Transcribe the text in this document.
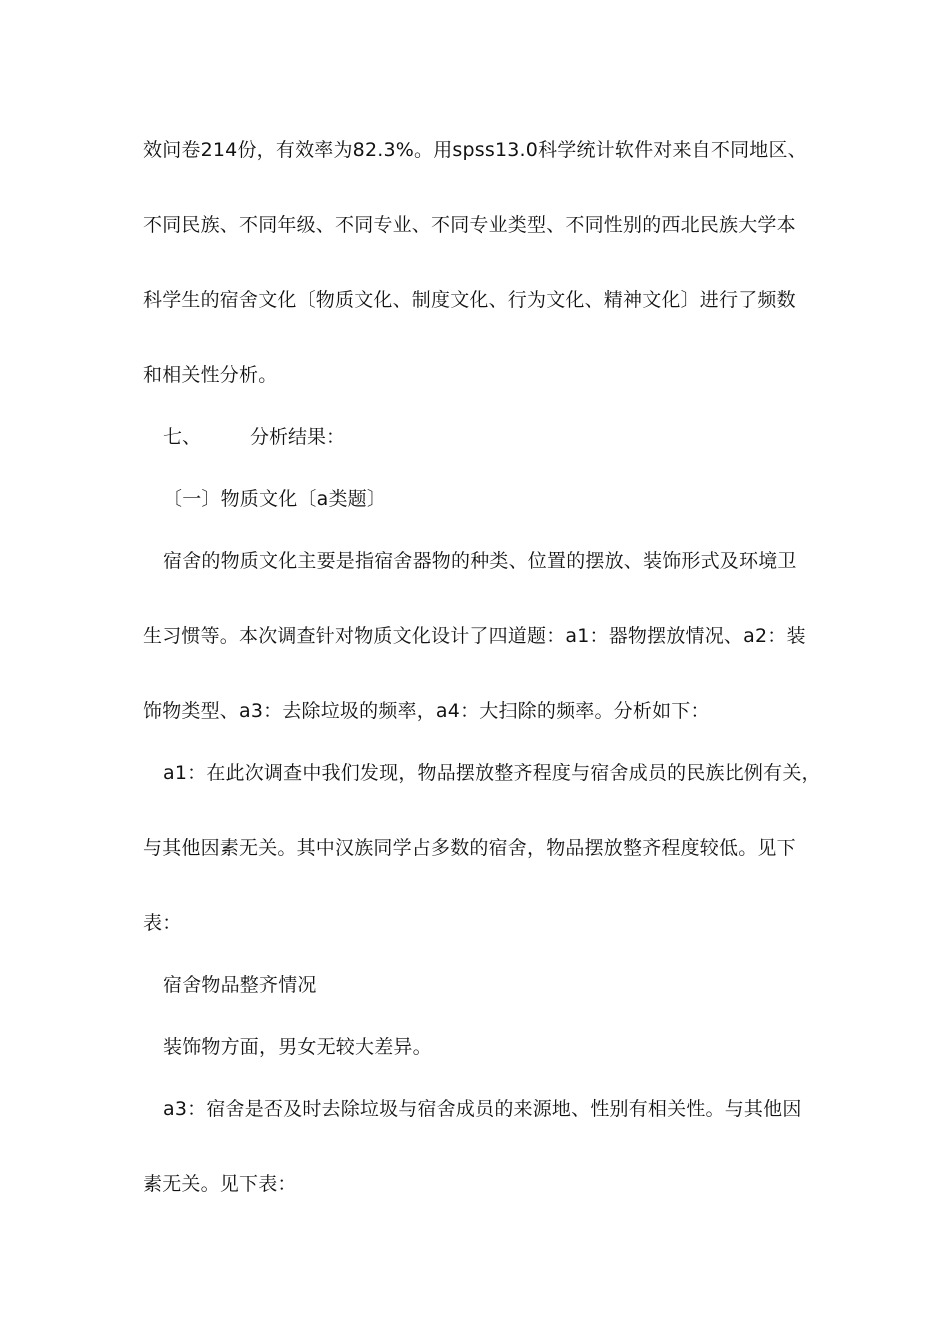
效问卷214份，有效率为82.3%。用spss13.0科学统计软件对来自不同地区、
不同民族、不同年级、不同专业、不同专业类型、不同性别的西北民族大学本
科学生的宿舍文化〔物质文化、制度文化、行为文化、精神文化〕进行了频数
和相关性分析。
七、	分析结果：
〔一〕物质文化〔a类题〕
宿舍的物质文化主要是指宿舍器物的种类、位置的摆放、装饰形式及环境卫
生习惯等。本次调查针对物质文化设计了四道题：a1：器物摆放情况、a2：装
饰物类型、a3：去除垃圾的频率，a4：大扫除的频率。分析如下：
a1：在此次调查中我们发现，物品摆放整齐程度与宿舍成员的民族比例有关，
与其他因素无关。其中汉族同学占多数的宿舍，物品摆放整齐程度较低。见下
表：
宿舍物品整齐情况
装饰物方面，男女无较大差异。
a3：宿舍是否及时去除垃圾与宿舍成员的来源地、性别有相关性。与其他因
素无关。见下表：
